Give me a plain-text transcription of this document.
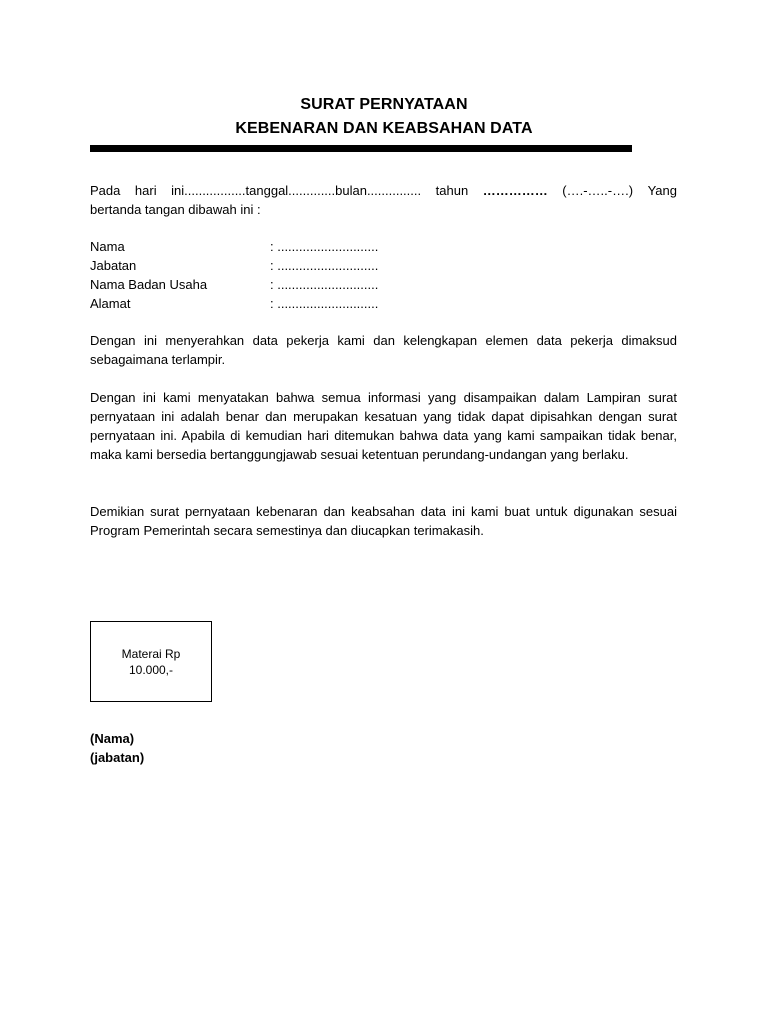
SURAT PERNYATAAN
KEBENARAN DAN KEABSAHAN DATA
Pada hari ini.................tanggal.............bulan............... tahun …………… (….-…..-….) Yang
bertanda tangan dibawah ini :
Nama	: ............................
Jabatan	: ............................
Nama Badan Usaha	: ............................
Alamat	: ............................
Dengan ini menyerahkan data pekerja kami dan kelengkapan elemen data pekerja dimaksud sebagaimana terlampir.
Dengan ini kami menyatakan bahwa semua informasi yang disampaikan dalam Lampiran surat pernyataan ini adalah benar dan merupakan kesatuan yang tidak dapat dipisahkan dengan surat pernyataan ini. Apabila di kemudian hari ditemukan bahwa data yang kami sampaikan tidak benar, maka kami bersedia bertanggungjawab sesuai ketentuan perundang-undangan yang berlaku.
Demikian surat pernyataan kebenaran dan keabsahan data ini kami buat untuk digunakan sesuai Program Pemerintah secara semestinya dan diucapkan terimakasih.
Materai Rp
10.000,-
(Nama)
(jabatan)
